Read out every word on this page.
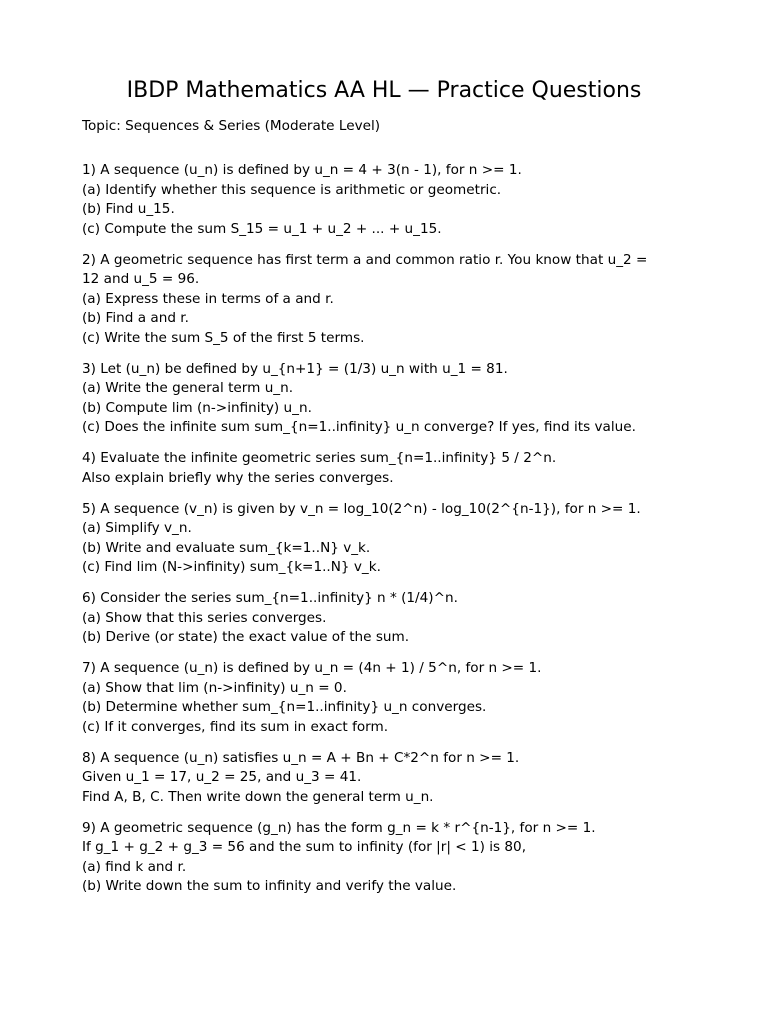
IBDP Mathematics AA HL — Practice Questions
Topic: Sequences & Series (Moderate Level)
1) A sequence (u_n) is defined by u_n = 4 + 3(n - 1), for n >= 1.
(a) Identify whether this sequence is arithmetic or geometric.
(b) Find u_15.
(c) Compute the sum S_15 = u_1 + u_2 + ... + u_15.
2) A geometric sequence has first term a and common ratio r. You know that u_2 =
12 and u_5 = 96.
(a) Express these in terms of a and r.
(b) Find a and r.
(c) Write the sum S_5 of the first 5 terms.
3) Let (u_n) be defined by u_{n+1} = (1/3) u_n with u_1 = 81.
(a) Write the general term u_n.
(b) Compute lim (n->infinity) u_n.
(c) Does the infinite sum sum_{n=1..infinity} u_n converge? If yes, find its value.
4) Evaluate the infinite geometric series sum_{n=1..infinity} 5 / 2^n.
Also explain briefly why the series converges.
5) A sequence (v_n) is given by v_n = log_10(2^n) - log_10(2^{n-1}), for n >= 1.
(a) Simplify v_n.
(b) Write and evaluate sum_{k=1..N} v_k.
(c) Find lim (N->infinity) sum_{k=1..N} v_k.
6) Consider the series sum_{n=1..infinity} n * (1/4)^n.
(a) Show that this series converges.
(b) Derive (or state) the exact value of the sum.
7) A sequence (u_n) is defined by u_n = (4n + 1) / 5^n, for n >= 1.
(a) Show that lim (n->infinity) u_n = 0.
(b) Determine whether sum_{n=1..infinity} u_n converges.
(c) If it converges, find its sum in exact form.
8) A sequence (u_n) satisfies u_n = A + Bn + C*2^n for n >= 1.
Given u_1 = 17, u_2 = 25, and u_3 = 41.
Find A, B, C. Then write down the general term u_n.
9) A geometric sequence (g_n) has the form g_n = k * r^{n-1}, for n >= 1.
If g_1 + g_2 + g_3 = 56 and the sum to infinity (for |r| < 1) is 80,
(a) find k and r.
(b) Write down the sum to infinity and verify the value.
